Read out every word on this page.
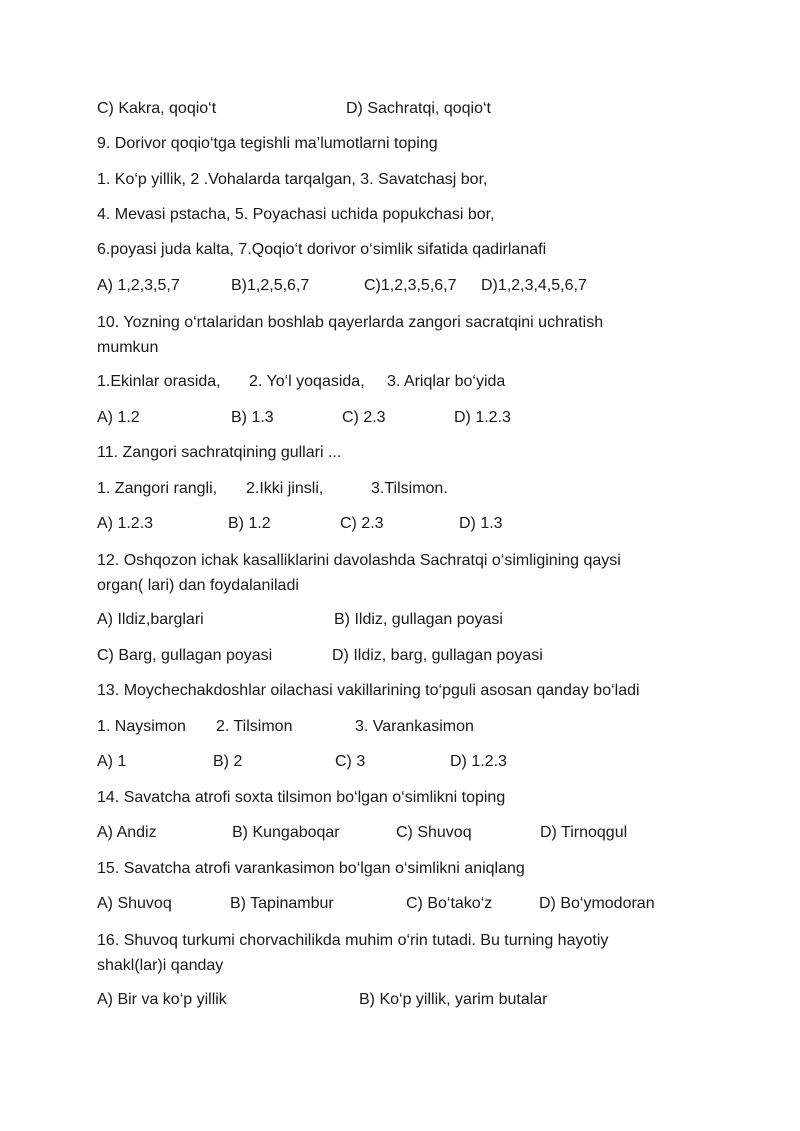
C) Kakra, qoqio‘t	D) Sachratqi, qoqio‘t
9. Dorivor qoqio‘tga tegishli ma’lumotlarni toping
1. Ko‘p yillik, 2 .Vohalarda tarqalgan, 3. Savatchasj bor,
4. Mevasi pstacha, 5. Poyachasi uchida popukchasi bor,
6.poyasi juda kalta, 7.Qoqio‘t dorivor o‘simlik sifatida qadirlanafi
A) 1,2,3,5,7	B)1,2,5,6,7	C)1,2,3,5,6,7 D)1,2,3,4,5,6,7
10. Yozning o‘rtalaridan boshlab qayerlarda zangori sacratqini uchratish mumkun
1.Ekinlar orasida, 2. Yo‘l yoqasida, 3. Ariqlar bo‘yida
A) 1.2	B) 1.3	C) 2.3	D) 1.2.3
11. Zangori sachratqining gullari ...
1. Zangori rangli, 2.Ikki jinsli,	3.Tilsimon.
A) 1.2.3	B) 1.2	C) 2.3	D) 1.3
12. Oshqozon ichak kasalliklarini davolashda Sachratqi o‘simligining qaysi organ( lari) dan foydalaniladi
A) Ildiz,barglari	B) Ildiz, gullagan poyasi
C) Barg, gullagan poyasi	D) Ildiz, barg, gullagan poyasi
13. Moychechakdoshlar oilachasi vakillarining to‘pguli asosan qanday bo‘ladi
1. Naysimon 2. Tilsimon	3. Varankasimon
A) 1	B) 2	C) 3	D) 1.2.3
14. Savatcha atrofi soxta tilsimon bo‘lgan o‘simlikni toping
A) Andiz	B) Kungaboqar	C) Shuvoq	D) Tirnoqgul
15. Savatcha atrofi varankasimon bo‘lgan o‘simlikni aniqlang
A) Shuvoq	B) Tapinambur	C) Bo‘tako‘z	D) Bo‘ymodoran
16. Shuvoq turkumi chorvachilikda muhim o‘rin tutadi. Bu turning hayotiy shakl(lar)i qanday
A) Bir va ko‘p yillik	B) Ko‘p yillik, yarim butalar
